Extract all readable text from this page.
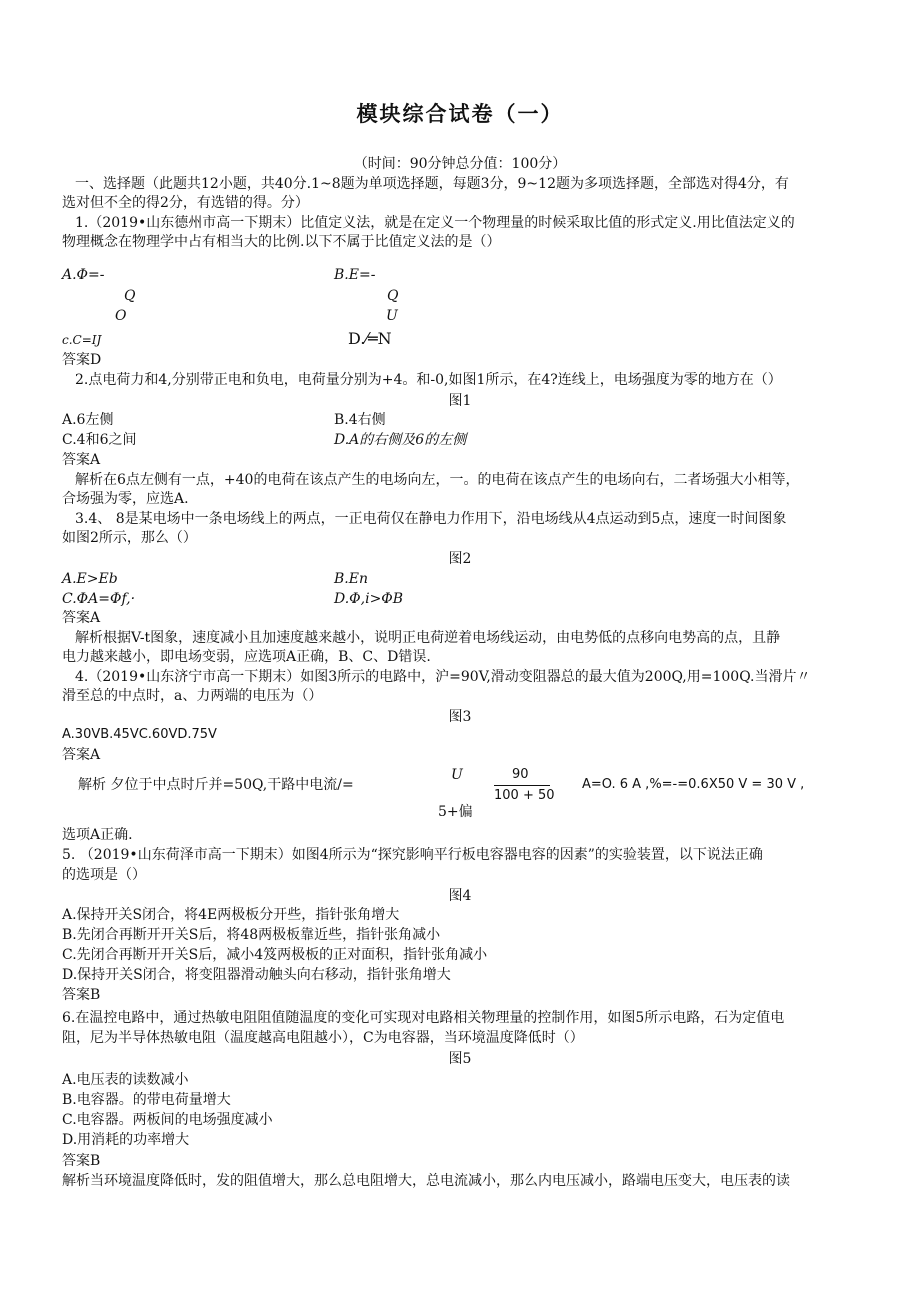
模块综合试卷（一）
（时间：90分钟总分值：100分）
一、选择题（此题共12小题，共40分.1~8题为单项选择题，每题3分，9~12题为多项选择题，全部选对得4分，有
选对但不全的得2分，有选错的得。分）
1.（2019•山东德州市高一下期末）比值定义法，就是在定义一个物理量的时候采取比值的形式定义.用比值法定义的
物理概念在物理学中占有相当大的比例.以下不属于比值定义法的是（）
A.Φ=-
Q
O
B.E=-
Q
U
c.C=IJ	D.⁄═N
答案D
2.点电荷力和4,分别带正电和负电，电荷量分别为+4。和-0,如图1所示，在4?连线上，电场强度为零的地方在（）
图1
A.6左侧	B.4右侧
C.4和6之间	D.A的右侧及6的左侧
答案A
解析在6点左侧有一点，+40的电荷在该点产生的电场向左，一。的电荷在该点产生的电场向右，二者场强大小相等，
合场强为零，应选A.
3.4、 8是某电场中一条电场线上的两点，一正电荷仅在静电力作用下，沿电场线从4点运动到5点，速度一时间图象
如图2所示，那么（）
图2
A.E>Eb	B.En
C.ΦA=Φf,·	D.Φ,ⅰ>ΦB
答案A
解析根据V-t图象，速度减小且加速度越来越小，说明正电荷逆着电场线运动，由电势低的点移向电势高的点，且静
电力越来越小，即电场变弱，应选项A正确，B、C、D错误.
4.（2019•山东济宁市高一下期末）如图3所示的电路中，沪=90V,滑动变阻器总的最大值为200Q,用=100Q.当滑片〃
滑至总的中点时，a、力两端的电压为（）
图3
A.30VB.45VC.60VD.75V
答案A
解析 夕位于中点时斤并=50Q,干路中电流/=
U
5+偏
90
100 + 50
A=O. 6 A ,%=-=0.6X50 V = 30 V ,
选项A正确.
5. （2019•山东荷泽市高一下期末）如图4所示为“探究影响平行板电容器电容的因素”的实验装置，以下说法正确
的选项是（）
图4
A.保持开关S闭合，将4E两极板分开些，指针张角增大
B.先闭合再断开开关S后，将48两极板靠近些，指针张角减小
C.先闭合再断开开关S后，减小4笈两极板的正对面积，指针张角减小
D.保持开关S闭合，将变阻器滑动触头向右移动，指针张角增大
答案B
6.在温控电路中，通过热敏电阻阻值随温度的变化可实现对电路相关物理量的控制作用，如图5所示电路，石为定值电
阻，尼为半导体热敏电阻（温度越高电阻越小），C为电容器，当环境温度降低时（）
图5
A.电压表的读数减小
B.电容器。的带电荷量增大
C.电容器。两板间的电场强度减小
D.用消耗的功率增大
答案B
解析当环境温度降低时，发的阻值增大，那么总电阻增大，总电流减小，那么内电压减小，路端电压变大，电压表的读
